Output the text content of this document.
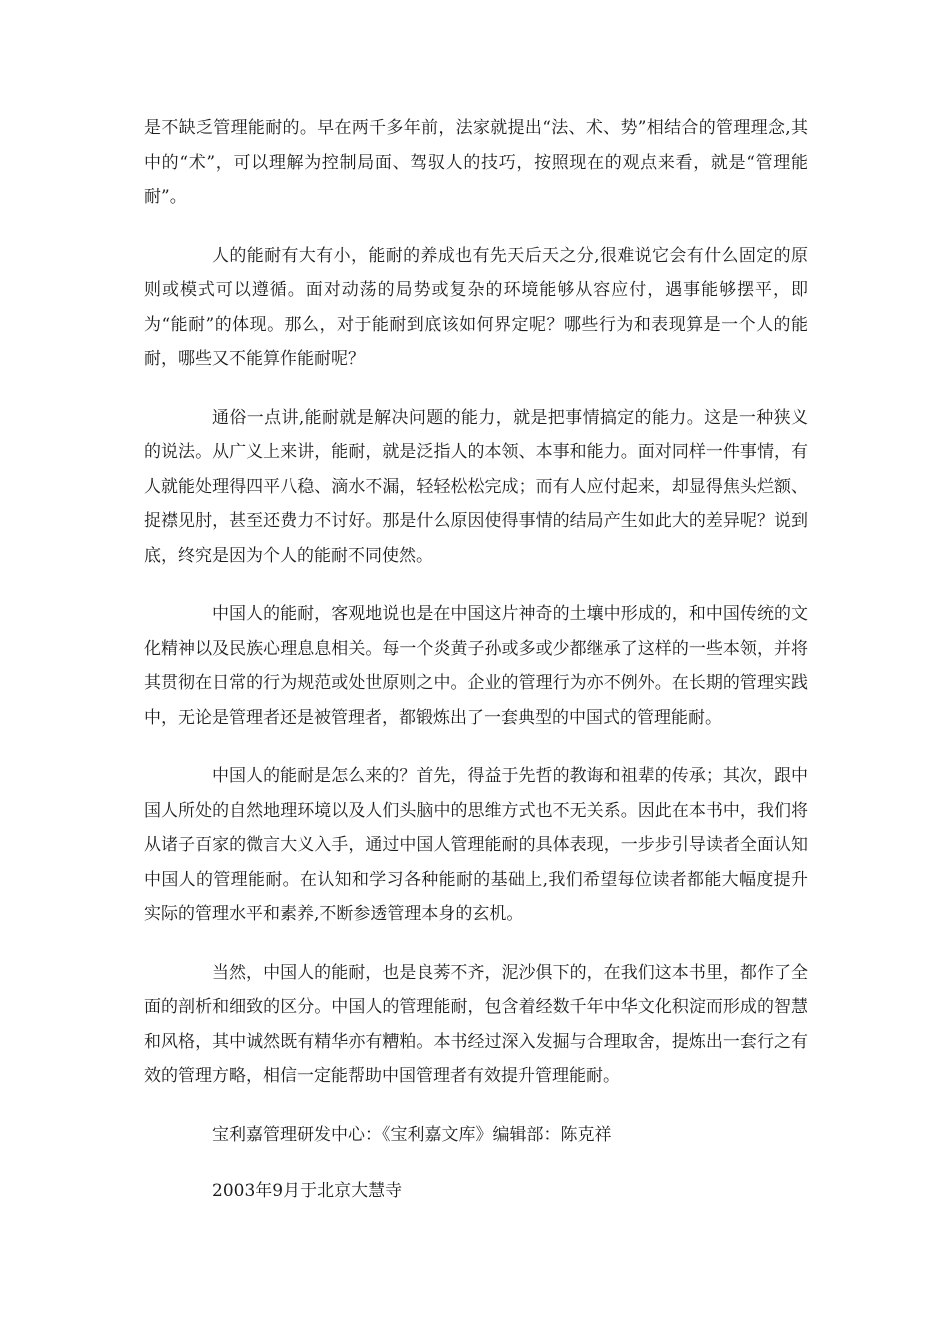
是不缺乏管理能耐的。早在两千多年前，法家就提出“法、术、势”相结合的管理理念,其中的“术”，可以理解为控制局面、驾驭人的技巧，按照现在的观点来看，就是“管理能耐”。

人的能耐有大有小，能耐的养成也有先天后天之分,很难说它会有什么固定的原则或模式可以遵循。面对动荡的局势或复杂的环境能够从容应付，遇事能够摆平，即为“能耐”的体现。那么，对于能耐到底该如何界定呢？哪些行为和表现算是一个人的能耐，哪些又不能算作能耐呢？

通俗一点讲,能耐就是解决问题的能力，就是把事情搞定的能力。这是一种狭义的说法。从广义上来讲，能耐，就是泛指人的本领、本事和能力。面对同样一件事情，有人就能处理得四平八稳、滴水不漏，轻轻松松完成；而有人应付起来，却显得焦头烂额、捉襟见肘，甚至还费力不讨好。那是什么原因使得事情的结局产生如此大的差异呢？说到底，终究是因为个人的能耐不同使然。

中国人的能耐，客观地说也是在中国这片神奇的土壤中形成的，和中国传统的文化精神以及民族心理息息相关。每一个炎黄子孙或多或少都继承了这样的一些本领，并将其贯彻在日常的行为规范或处世原则之中。企业的管理行为亦不例外。在长期的管理实践中，无论是管理者还是被管理者，都锻炼出了一套典型的中国式的管理能耐。

中国人的能耐是怎么来的？首先，得益于先哲的教诲和祖辈的传承；其次，跟中国人所处的自然地理环境以及人们头脑中的思维方式也不无关系。因此在本书中，我们将从诸子百家的微言大义入手，通过中国人管理能耐的具体表现，一步步引导读者全面认知中国人的管理能耐。在认知和学习各种能耐的基础上,我们希望每位读者都能大幅度提升实际的管理水平和素养,不断参透管理本身的玄机。

当然，中国人的能耐，也是良莠不齐，泥沙俱下的，在我们这本书里，都作了全面的剖析和细致的区分。中国人的管理能耐，包含着经数千年中华文化积淀而形成的智慧和风格，其中诚然既有精华亦有糟粕。本书经过深入发掘与合理取舍，提炼出一套行之有效的管理方略，相信一定能帮助中国管理者有效提升管理能耐。

宝利嘉管理研发中心：《宝利嘉文库》编辑部：陈克祥

2003年9月于北京大慧寺
